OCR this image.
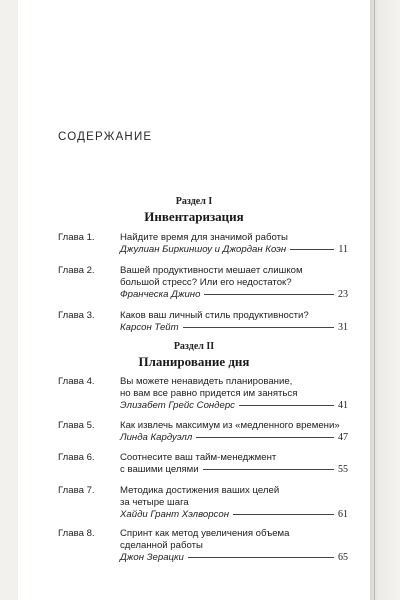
СОДЕРЖАНИЕ
Раздел I
Инвентаризация
Глава 1.	Найдите время для значимой работы
Джулиан Биркиншоу и Джордан Коэн	11
Глава 2.	Вашей продуктивности мешает слишком
большой стресс? Или его недостаток?
Франческа Джино	23
Глава 3.	Каков ваш личный стиль продуктивности?
Карсон Тейт	31
Раздел II
Планирование дня
Глава 4.	Вы можете ненавидеть планирование,
но вам все равно придется им заняться
Элизабет Грейс Сондерс	41
Глава 5.	Как извлечь максимум из «медленного времени»
Линда Кардуэлл	47
Глава 6.	Соотнесите ваш тайм-менеджмент
с вашими целями	55
Глава 7.	Методика достижения ваших целей
за четыре шага
Хайди Грант Хэлворсон	61
Глава 8.	Спринт как метод увеличения объема
сделанной работы
Джон Зерацки	65
